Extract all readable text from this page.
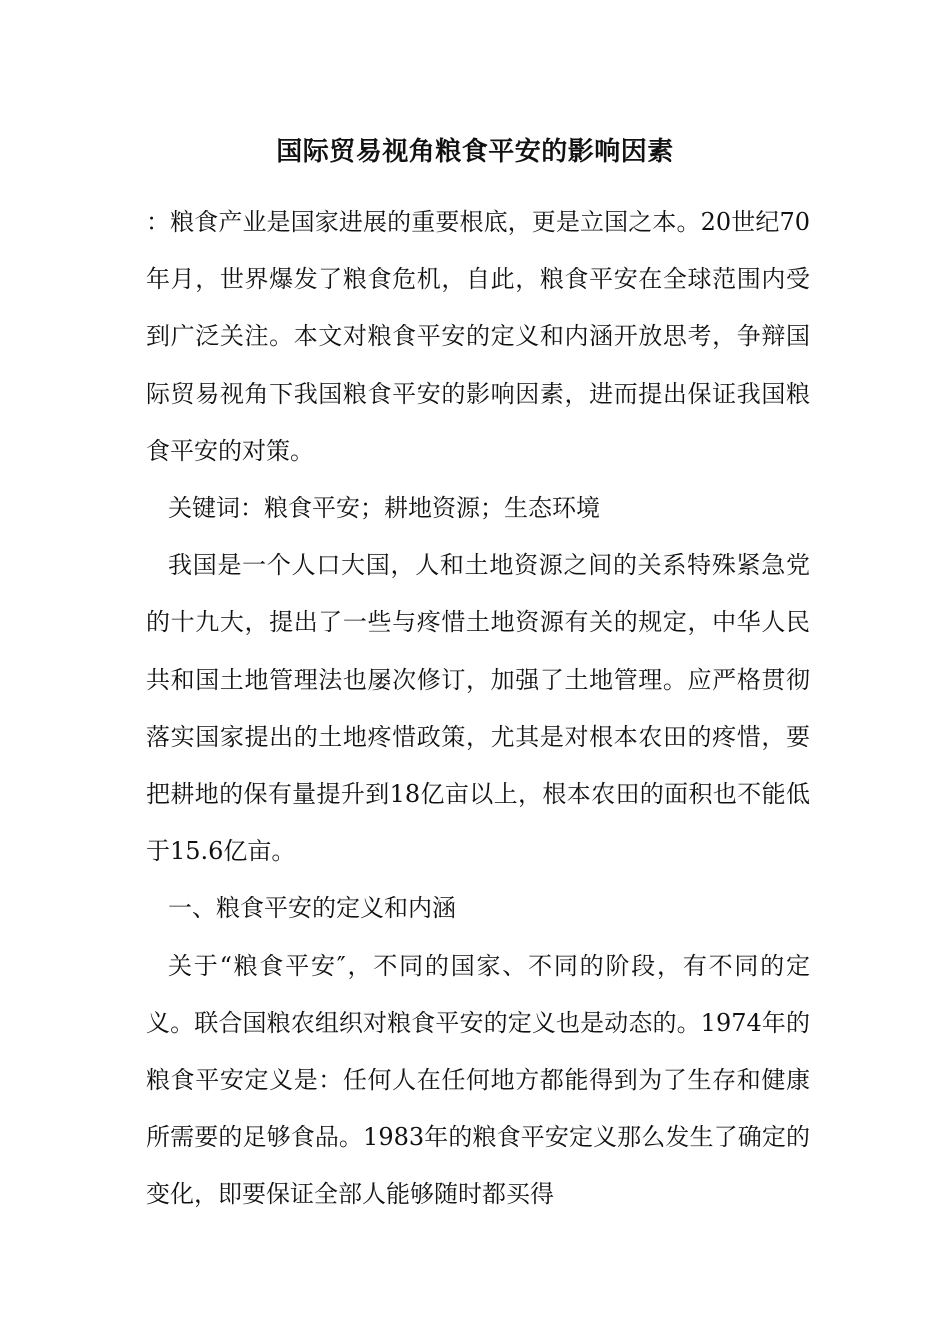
国际贸易视角粮食平安的影响因素

：粮食产业是国家进展的重要根底，更是立国之本。20世纪70年月，世界爆发了粮食危机，自此，粮食平安在全球范围内受到广泛关注。本文对粮食平安的定义和内涵开放思考，争辩国际贸易视角下我国粮食平安的影响因素，进而提出保证我国粮食平安的对策。

关键词：粮食平安；耕地资源；生态环境

我国是一个人口大国，人和土地资源之间的关系特殊紧急党的十九大，提出了一些与疼惜土地资源有关的规定，中华人民共和国土地管理法也屡次修订，加强了土地管理。应严格贯彻落实国家提出的土地疼惜政策，尤其是对根本农田的疼惜，要把耕地的保有量提升到18亿亩以上，根本农田的面积也不能低于15.6亿亩。

一、粮食平安的定义和内涵

关于“粮食平安″，不同的国家、不同的阶段，有不同的定义。联合国粮农组织对粮食平安的定义也是动态的。1974年的粮食平安定义是：任何人在任何地方都能得到为了生存和健康所需要的足够食品。1983年的粮食平安定义那么发生了确定的变化，即要保证全部人能够随时都买得
